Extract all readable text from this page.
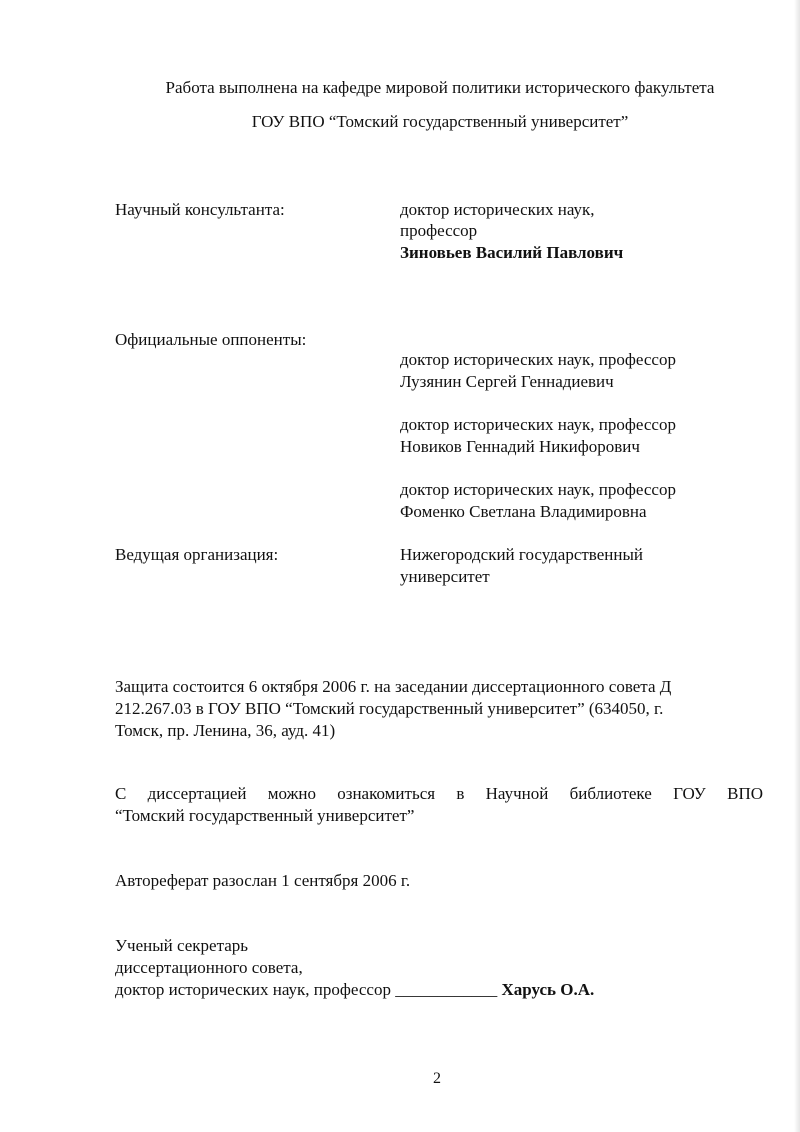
Работа выполнена на кафедре мировой политики исторического факультета
ГОУ ВПО “Томский государственный университет”
Научный консультанта:	доктор исторических наук,
профессор
Зиновьев Василий Павлович
Официальные оппоненты:
доктор исторических наук, профессор
Лузянин Сергей Геннадиевич
доктор исторических наук, профессор
Новиков Геннадий Никифорович
доктор исторических наук, профессор
Фоменко Светлана Владимировна
Ведущая организация:	Нижегородский государственный
университет
Защита состоится 6 октября 2006 г. на заседании диссертационного совета Д
212.267.03 в ГОУ ВПО “Томский государственный университет” (634050, г.
Томск, пр. Ленина, 36, ауд. 41)
С диссертацией можно ознакомиться в Научной библиотеке ГОУ ВПО
“Томский государственный университет”
Автореферат разослан 1 сентября 2006 г.
Ученый секретарь
диссертационного совета,
доктор исторических наук, профессор ____________ Харусь О.А.
2
